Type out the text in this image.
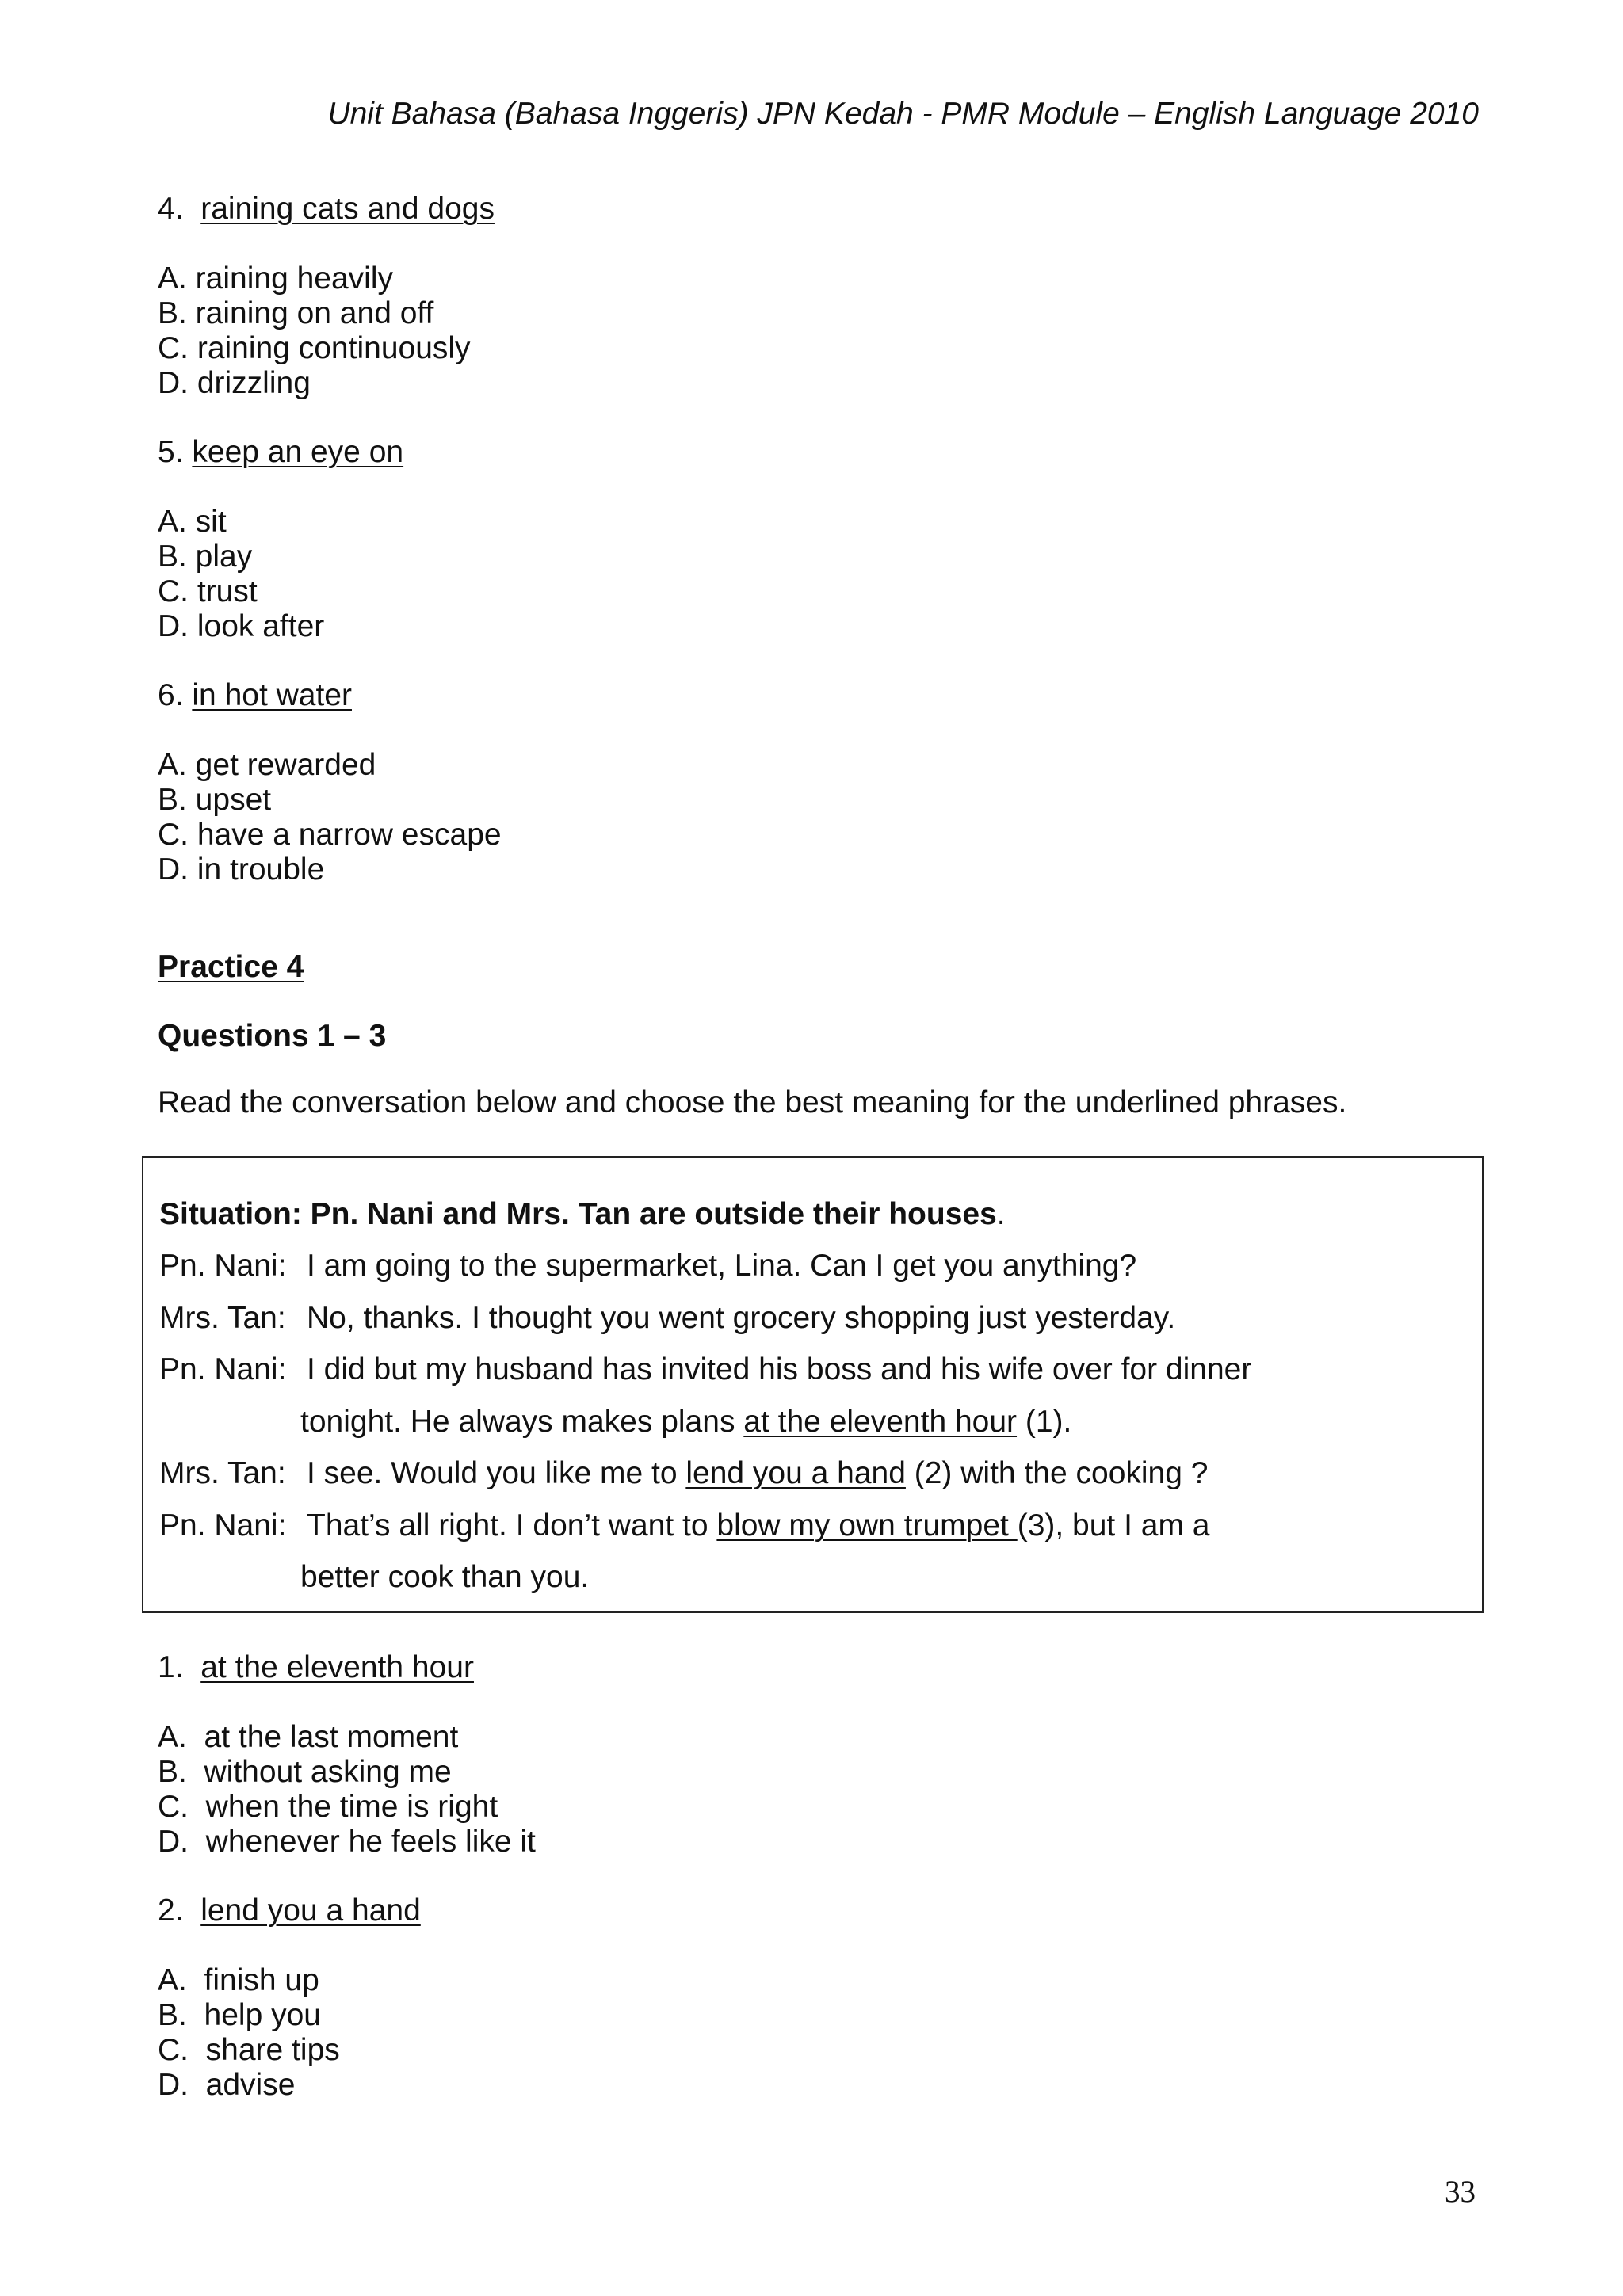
Unit Bahasa (Bahasa Inggeris) JPN Kedah - PMR Module – English Language 2010
4. raining cats and dogs
A. raining heavily
B. raining on and off
C. raining continuously
D. drizzling
5. keep an eye on
A. sit
B. play
C. trust
D. look after
6. in hot water
A. get rewarded
B. upset
C. have a narrow escape
D. in trouble
Practice 4
Questions 1 – 3
Read the conversation below and choose the best meaning for the underlined phrases.
Situation: Pn. Nani and Mrs. Tan are outside their houses.
Pn. Nani: I am going to the supermarket, Lina. Can I get you anything?
Mrs. Tan: No, thanks. I thought you went grocery shopping just yesterday.
Pn. Nani: I did but my husband has invited his boss and his wife over for dinner
tonight. He always makes plans at the eleventh hour (1).
Mrs. Tan: I see. Would you like me to lend you a hand (2) with the cooking ?
Pn. Nani: That’s all right. I don’t want to blow my own trumpet (3), but I am a
better cook than you.
1. at the eleventh hour
A.  at the last moment
B.  without asking me
C.  when the time is right
D.  whenever he feels like it
2. lend you a hand
A.  finish up
B.  help you
C.  share tips
D.  advise
33
